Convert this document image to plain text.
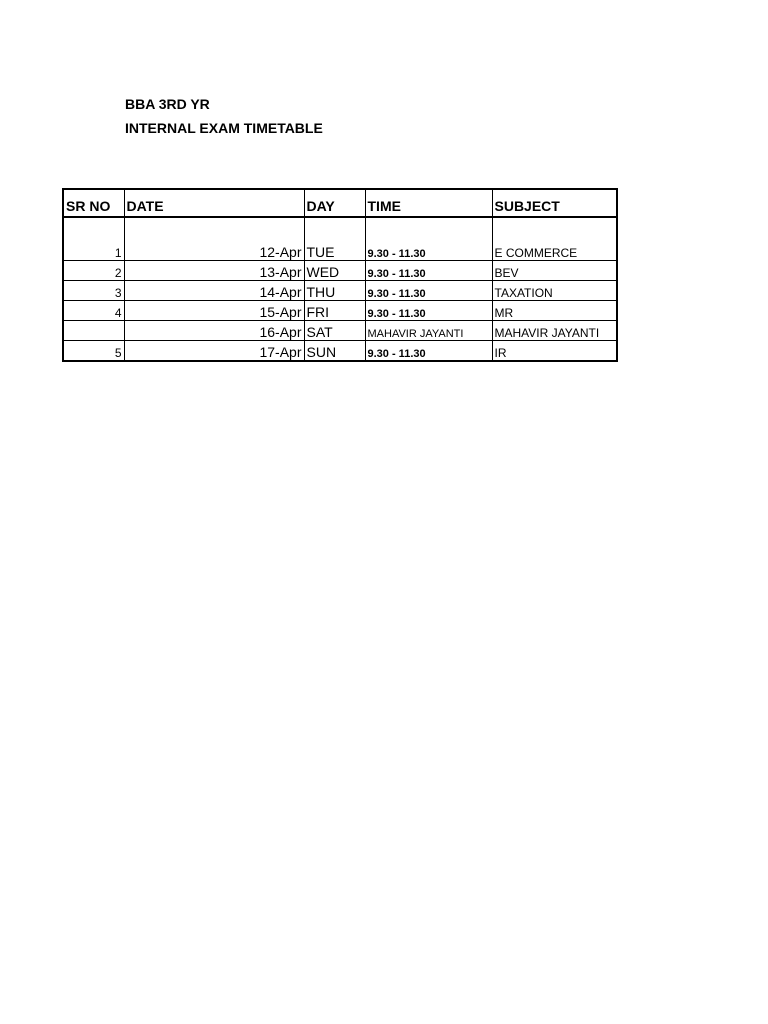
BBA 3RD YR
INTERNAL EXAM TIMETABLE
SR NO	DATE	DAY	TIME	SUBJECT
1	12-Apr	TUE	9.30 - 11.30	E COMMERCE
2	13-Apr	WED	9.30 - 11.30	BEV
3	14-Apr	THU	9.30 - 11.30	TAXATION
4	15-Apr	FRI	9.30 - 11.30	MR
	16-Apr	SAT	MAHAVIR JAYANTI	MAHAVIR JAYANTI
5	17-Apr	SUN	9.30 - 11.30	IR
